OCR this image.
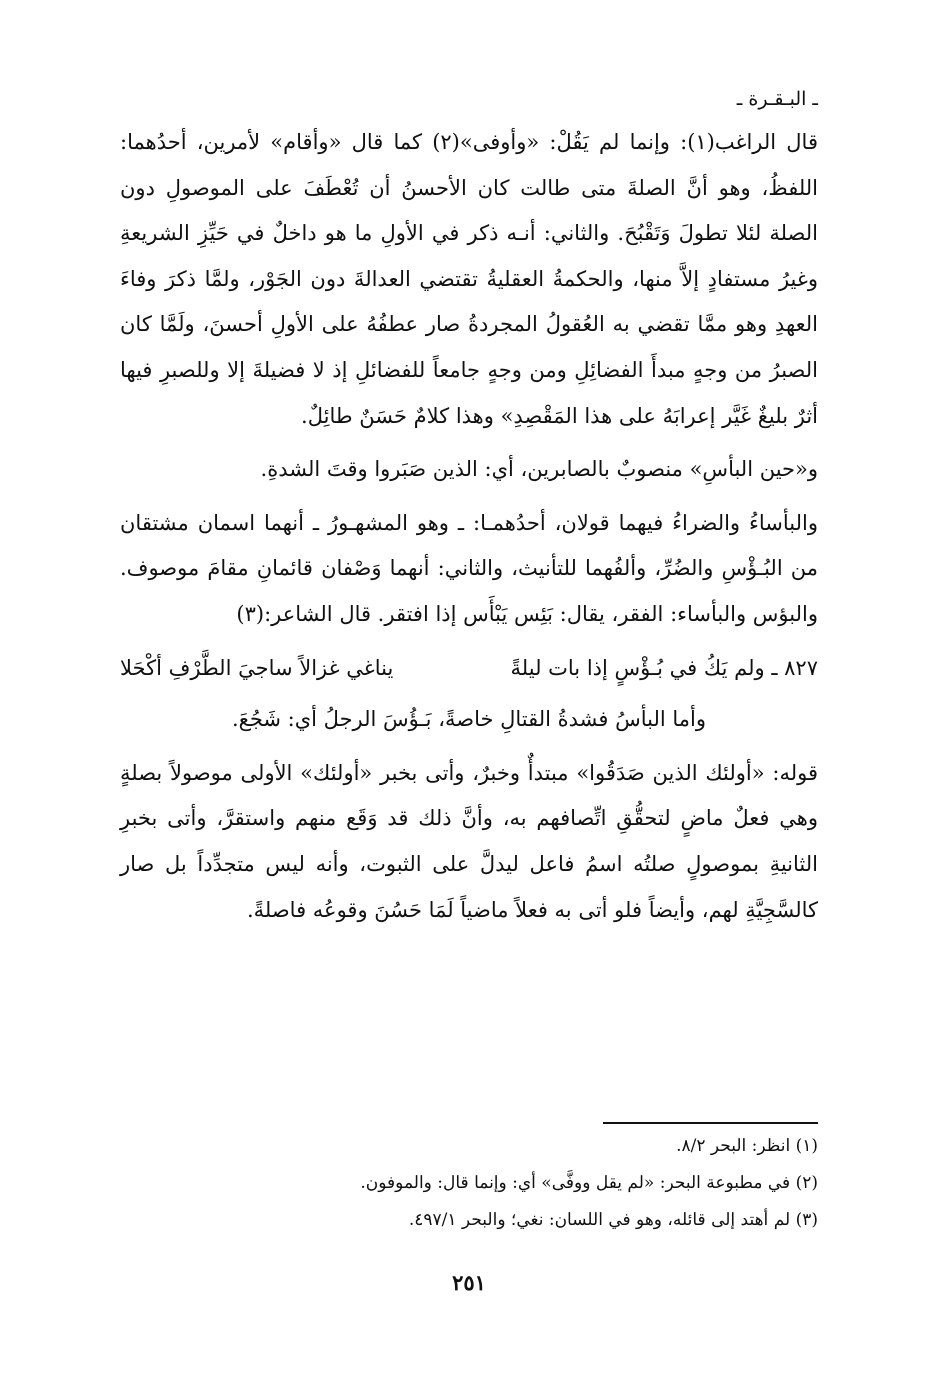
ـ البـقـرة ـ

قال الراغب(١): وإنما لم يَقُلْ: «وأوفى»(٢) كما قال «وأقام» لأمرين، أحدُهما: اللفظُ، وهو أنَّ الصلةَ متى طالت كان الأحسنُ أن تُعْطَفَ على الموصولِ دون الصلة لئلا تطولَ وَتَقْبُحَ. والثاني: أنـه ذكر في الأولِ ما هو داخلٌ في حَيِّزِ الشريعةِ وغيرُ مستفادٍ إلاَّ منها، والحكمةُ العقليةُ تقتضي العدالةَ دون الجَوْر، ولمَّا ذكرَ وفاءَ العهدِ وهو ممَّا تقضي به العُقولُ المجردةُ صار عطفُهُ على الأولِ أحسنَ، ولَمَّا كان الصبرُ من وجهٍ مبدأَ الفضائِلِ ومن وجهٍ جامعاً للفضائلِ إذ لا فضيلةَ إلا وللصبرِ فيها أثرٌ بليغٌ غَيَّر إعرابَهُ على هذا المَقْصِدِ» وهذا كلامٌ حَسَنٌ طائِلٌ.

و«حين البأسِ» منصوبٌ بالصابرين، أي: الذين صَبَروا وقتَ الشدةِ.

والبأساءُ والضراءُ فيهما قولان، أحدُهمـا: ـ وهو المشهـورُ ـ أنهما اسمان مشتقان من البُـؤْسِ والضُرِّ، وألفُهما للتأنيث، والثاني: أنهما وَصْفان قائمانِ مقامَ موصوف. والبؤس والبأساء: الفقر، يقال: بَئِس يَبْأَس إذا افتقر. قال الشاعر:(٣)

٨٢٧ ـ ولم يَكُ في بُـؤْسٍ إذا بات ليلةً
يناغي غزالاً ساجيَ الطَّرْفِ أكْحَلا

وأما البأسُ فشدةُ القتالِ خاصةً، بَـؤُسَ الرجلُ أي: شَجُعَ.

قوله: «أولئك الذين صَدَقُوا» مبتدأٌ وخبرٌ، وأتى بخبر «أولئك» الأولى موصولاً بصلةٍ وهي فعلٌ ماضٍ لتحقُّقِ اتِّصافهم به، وأنَّ ذلك قد وَقَع منهم واستقرَّ، وأتى بخبرِ الثانيةِ بموصولٍ صلتُه اسمُ فاعل ليدلَّ على الثبوت، وأنه ليس متجدِّداً بل صار كالسَّجِيَّةِ لهم، وأيضاً فلو أتى به فعلاً ماضياً لَمَا حَسُنَ وقوعُه فاصلةً.

(١) انظر: البحر ٨/٢.

(٢) في مطبوعة البحر: «لم يقل ووفَّى» أي: وإنما قال: والموفون.

(٣) لم أهتد إلى قائله، وهو في اللسان: نغي؛ والبحر ٤٩٧/١.

٢٥١
